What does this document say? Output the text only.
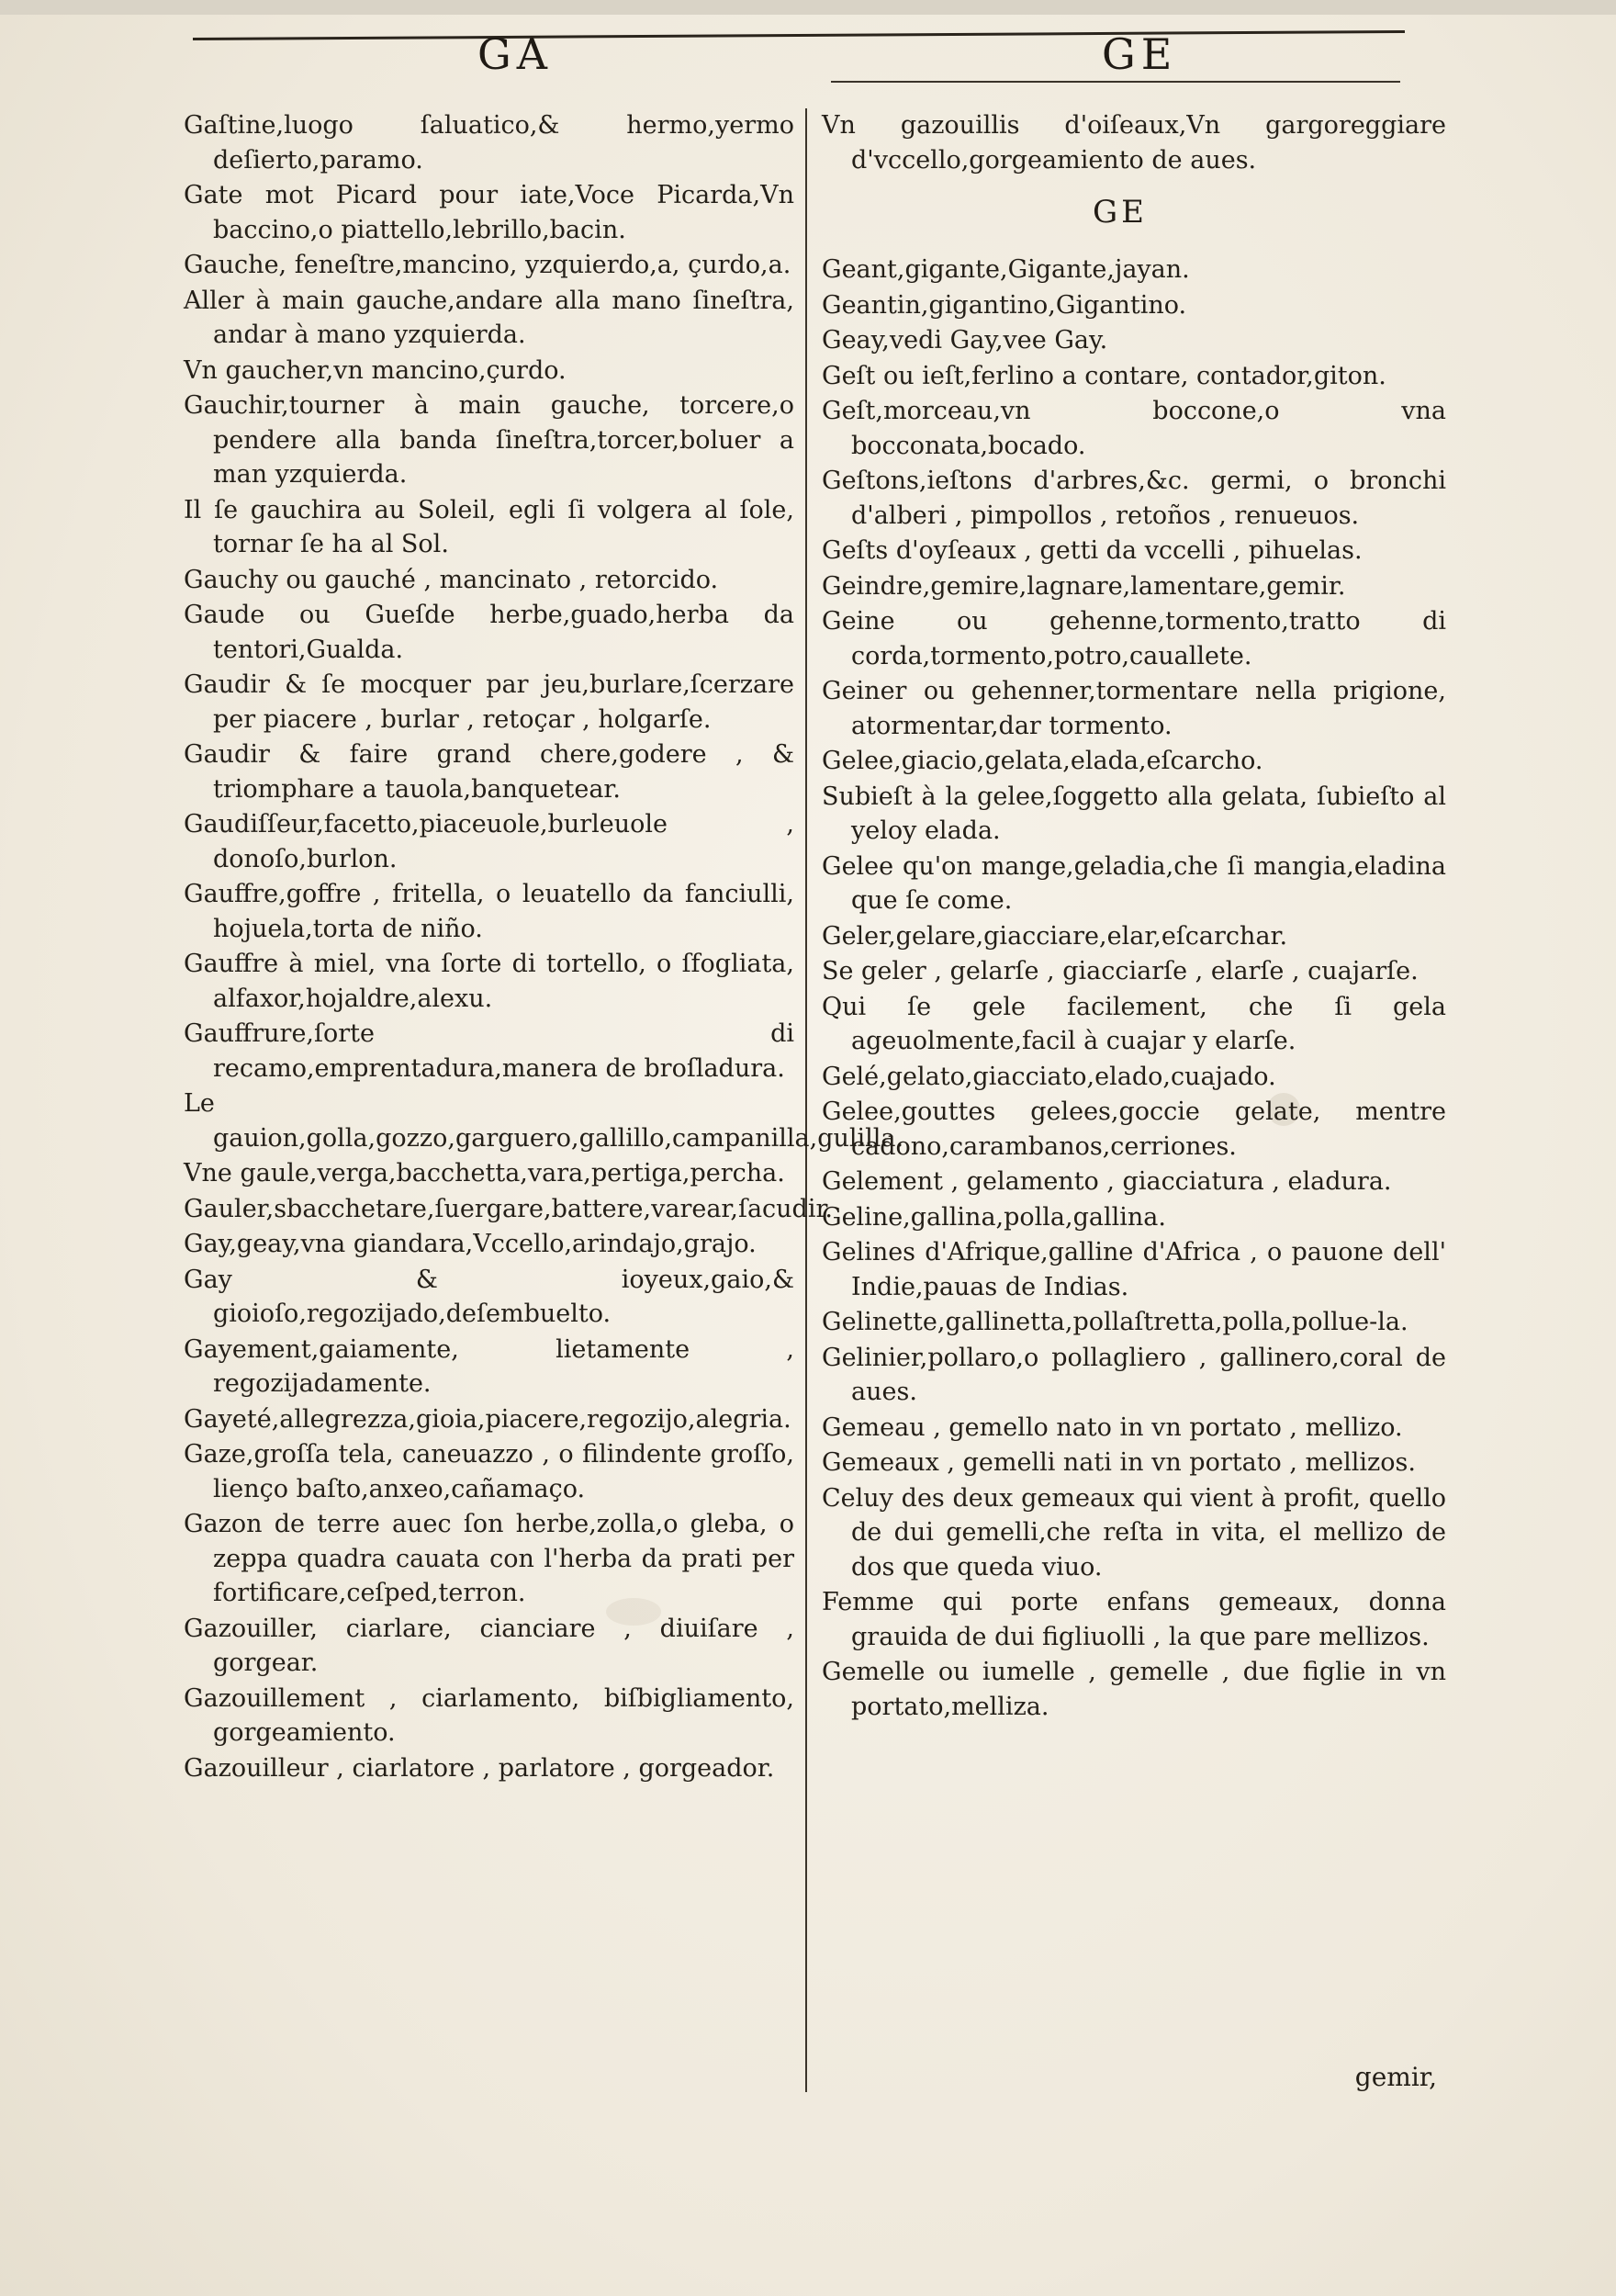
GA	GE
Gaſtine,luogo ſaluatico,& hermo,yermo deſierto,paramo.
Gate mot Picard pour iate,Voce Picarda,Vn baccino,o piattello,lebrillo,bacin.
Gauche, feneſtre,mancino, yzquierdo,a, çurdo,a.
Aller à main gauche,andare alla mano ſineſtra, andar à mano yzquierda.
Vn gaucher,vn mancino,çurdo.
Gauchir,tourner à main gauche, torcere,o pendere alla banda ſineſtra,torcer,boluer a man yzquierda.
Il ſe gauchira au Soleil, egli ſi volgera al ſole, tornar ſe ha al Sol.
Gauchy ou gauché , mancinato , retorcido.
Gaude ou Gueſde herbe,guado,herba da tentori,Gualda.
Gaudir & ſe mocquer par jeu,burlare,ſcerzare per piacere , burlar , retoçar , holgarſe.
Gaudir & faire grand chere,godere , & triomphare a tauola,banquetear.
Gaudiſſeur,facetto,piaceuole,burleuole , donoſo,burlon.
Gauffre,goffre , fritella, o leuatello da fanciulli, hojuela,torta de niño.
Gauffre à miel, vna ſorte di tortello, o ſfogliata, alfaxor,hojaldre,alexu.
Gauffrure,ſorte di recamo,emprentadura,manera de broſladura.
Le gauion,golla,gozzo,garguero,gallillo,campanilla,gulilla.
Vne gaule,verga,bacchetta,vara,pertiga,percha.
Gauler,sbacchetare,ſuergare,battere,varear,ſacudir.
Gay,geay,vna giandara,Vccello,arindajo,grajo.
Gay & ioyeux,gaio,& gioioſo,regozijado,deſembuelto.
Gayement,gaiamente, lietamente , regozijadamente.
Gayeté,allegrezza,gioia,piacere,regozijo,alegria.
Gaze,groſſa tela, caneuazzo , o filindente groſſo, lienço baſto,anxeo,cañamaço.
Gazon de terre auec ſon herbe,zolla,o gleba, o zeppa quadra cauata con l'herba da prati per fortificare,ceſped,terron.
Gazouiller, ciarlare, cianciare , diuiſare , gorgear.
Gazouillement , ciarlamento, biſbigliamento, gorgeamiento.
Gazouilleur , ciarlatore , parlatore , gorgeador.
Vn gazouillis d'oiſeaux,Vn gargoreggiare d'vccello,gorgeamiento de aues.
GE
Geant,gigante,Gigante,jayan.
Geantin,gigantino,Gigantino.
Geay,vedi Gay,vee Gay.
Geſt ou ieſt,ferlino a contare, contador,giton.
Geſt,morceau,vn boccone,o vna bocconata,bocado.
Geſtons,ieſtons d'arbres,&c. germi, o bronchi d'alberi , pimpollos , retoños , renueuos.
Geſts d'oyſeaux , getti da vccelli , pihuelas.
Geindre,gemire,lagnare,lamentare,gemir.
Geine ou gehenne,tormento,tratto di corda,tormento,potro,cauallete.
Geiner ou gehenner,tormentare nella prigione, atormentar,dar tormento.
Gelee,giacio,gelata,elada,eſcarcho.
Subieſt à la gelee,ſoggetto alla gelata, ſubieſto al yeloy elada.
Gelee qu'on mange,geladia,che ſi mangia,eladina que ſe come.
Geler,gelare,giacciare,elar,eſcarchar.
Se geler , gelarſe , giacciarſe , elarſe , cuajarſe.
Qui ſe gele facilement, che ſi gela ageuolmente,facil à cuajar y elarſe.
Gelé,gelato,giacciato,elado,cuajado.
Gelee,gouttes gelees,goccie gelate, mentre cadono,carambanos,cerriones.
Gelement , gelamento , giacciatura , eladura.
Geline,gallina,polla,gallina.
Gelines d'Afrique,galline d'Africa , o pauone dell' Indie,pauas de Indias.
Gelinette,gallinetta,pollaſtretta,polla,pollue-la.
Gelinier,pollaro,o pollagliero , gallinero,coral de aues.
Gemeau , gemello nato in vn portato , mellizo.
Gemeaux , gemelli nati in vn portato , mellizos.
Celuy des deux gemeaux qui vient à profit, quello de dui gemelli,che reſta in vita, el mellizo de dos que queda viuo.
Femme qui porte enfans gemeaux, donna grauida de dui figliuolli , la que pare mellizos.
Gemelle ou iumelle , gemelle , due figlie in vn portato,melliza.
gemir,
